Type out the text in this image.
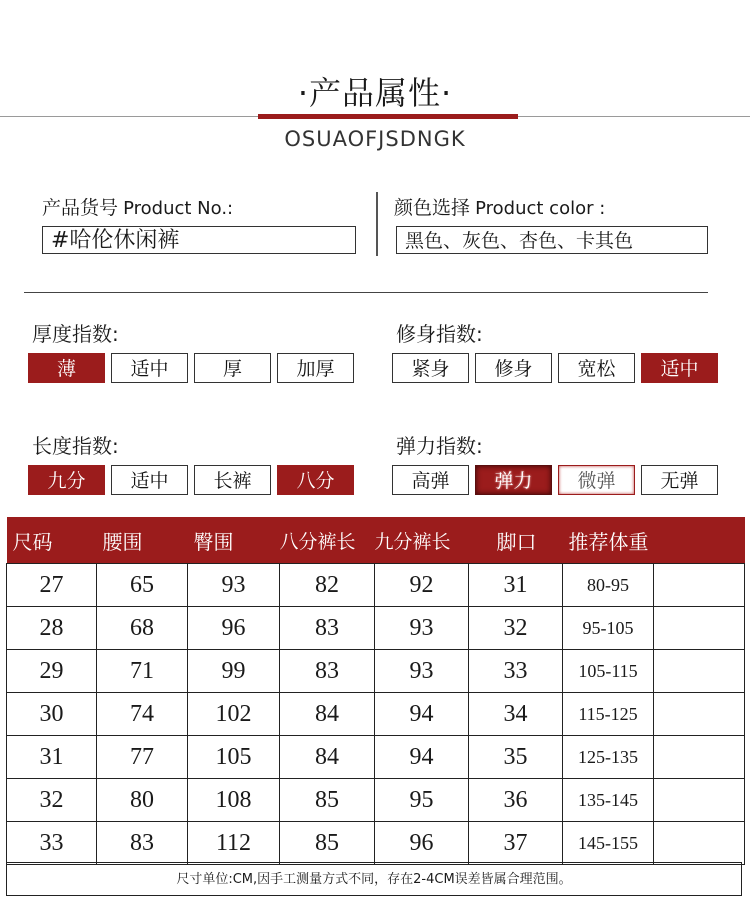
·产品属性·
OSUAOFJSDNGK
产品货号 Product No.:
#哈伦休闲裤
颜色选择 Product color :
黑色、灰色、杏色、卡其色
厚度指数:
薄	适中	厚	加厚
修身指数:
紧身	修身	宽松	适中
长度指数:
九分	适中	长裤	八分
弹力指数:
高弹	弹力	微弹	无弹
尺码	腰围	臀围	八分裤长	九分裤长	脚口	推荐体重	
27	65	93	82	92	31	80-95	
28	68	96	83	93	32	95-105	
29	71	99	83	93	33	105-115	
30	74	102	84	94	34	115-125	
31	77	105	84	94	35	125-135	
32	80	108	85	95	36	135-145	
33	83	112	85	96	37	145-155	
尺寸单位:CM,因手工测量方式不同，存在2-4CM误差皆属合理范围。
